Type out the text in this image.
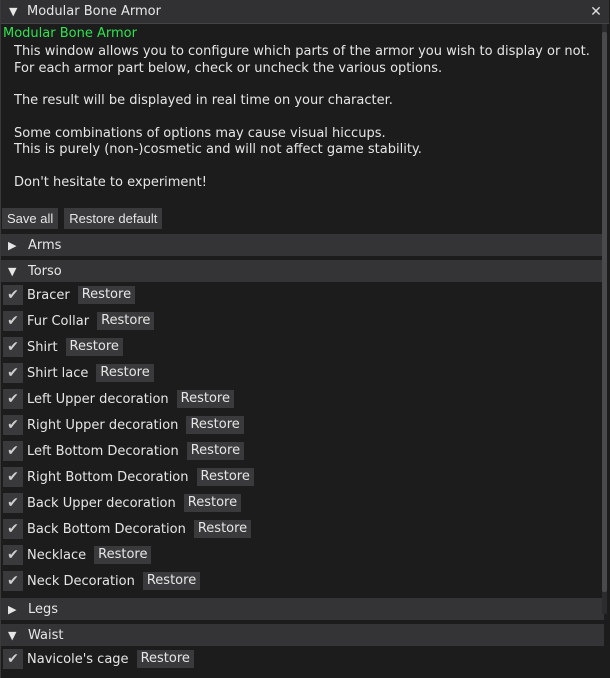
▼ Modular Bone Armor	✕
Modular Bone Armor

This window allows you to configure which parts of the armor you wish to display or not.

For each armor part below, check or uncheck the various options.

The result will be displayed in real time on your character.

Some combinations of options may cause visual hiccups.

This is purely (non-)cosmetic and will not affect game stability.

Don't hesitate to experiment!

Save all	Restore default
▶ Arms
▼ Torso
✔ Bracer Restore
✔ Fur Collar Restore
✔ Shirt Restore
✔ Shirt lace Restore
✔ Left Upper decoration Restore
✔ Right Upper decoration Restore
✔ Left Bottom Decoration Restore
✔ Right Bottom Decoration Restore
✔ Back Upper decoration Restore
✔ Back Bottom Decoration Restore
✔ Necklace Restore
✔ Neck Decoration Restore
▶ Legs
▼ Waist
✔ Navicole's cage Restore
